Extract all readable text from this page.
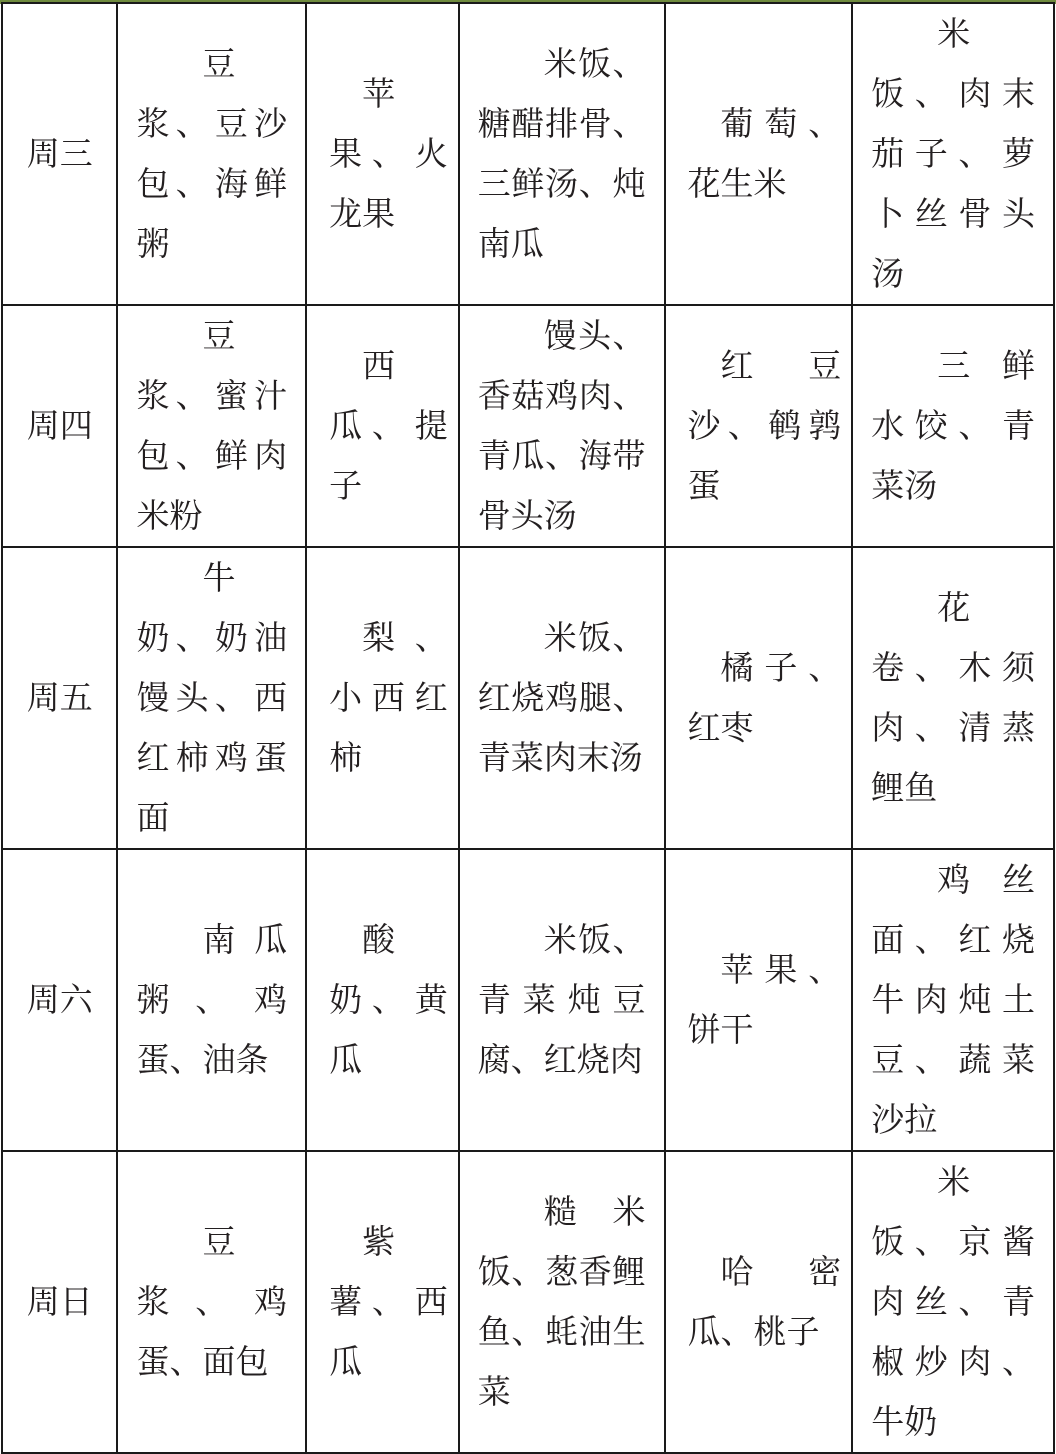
周三	豆浆、豆沙包、海鲜粥	苹果、火龙果	米饭、糖醋排骨、三鲜汤、炖南瓜	葡萄、花生米	米饭、肉末茄子、萝卜丝骨头汤

周四	豆浆、蜜汁包、鲜肉米粉	西瓜、提子	馒头、香菇鸡肉、青瓜、海带骨头汤	红豆沙、鹌鹑蛋	三鲜水饺、青菜汤

周五	牛奶、奶油馒头、西红柿鸡蛋面	梨、小西红柿	米饭、红烧鸡腿、青菜肉末汤	橘子、红枣	花卷、木须肉、清蒸鲤鱼

周六	南瓜粥、鸡蛋、油条	酸奶、黄瓜	米饭、青菜炖豆腐、红烧肉	苹果、饼干	鸡丝面、红烧牛肉炖土豆、蔬菜沙拉

周日	豆浆、鸡蛋、面包	紫薯、西瓜	糙米饭、葱香鲤鱼、蚝油生菜	哈密瓜、桃子	米饭、京酱肉丝、青椒炒肉、牛奶
